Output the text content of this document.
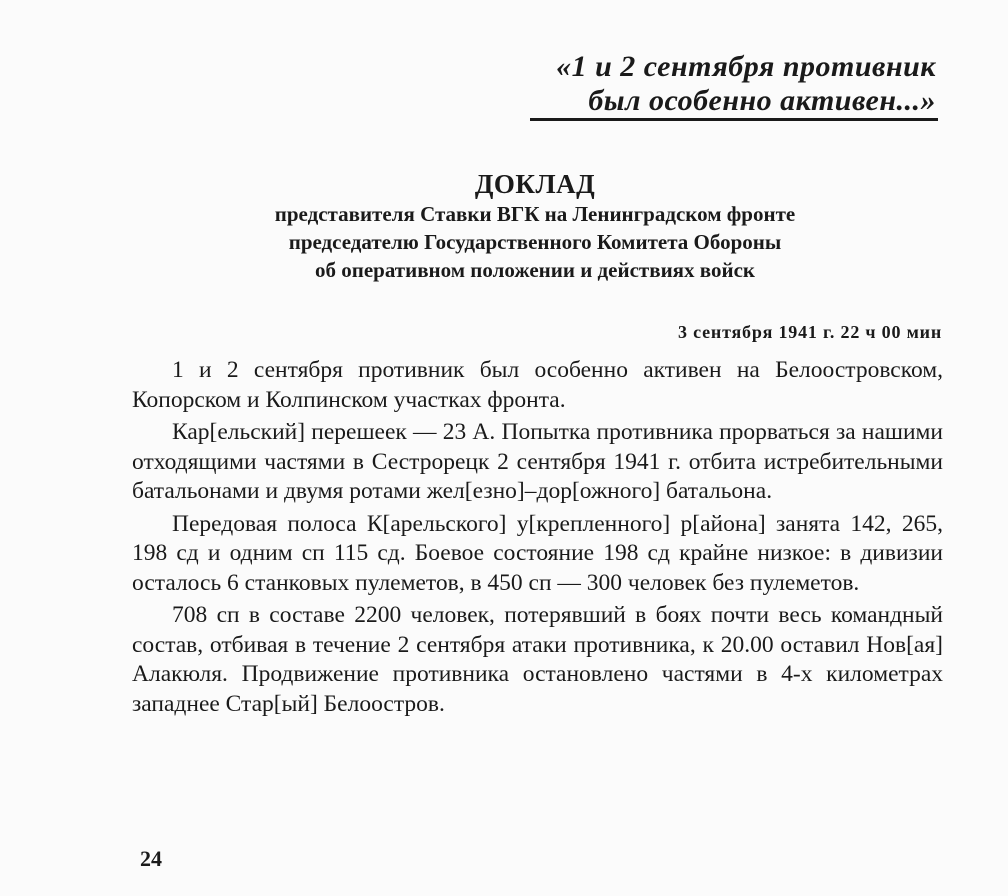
«1 и 2 сентября противник
был особенно активен...»
ДОКЛАД
представителя Ставки ВГК на Ленинградском фронте
председателю Государственного Комитета Обороны
об оперативном положении и действиях войск
3 сентября 1941 г. 22 ч 00 мин

1 и 2 сентября противник был особенно активен на Белоостровском, Копорском и Колпинском участках фронта.

Кар[ельский] перешеек — 23 А. Попытка противника прорваться за нашими отходящими частями в Сестрорецк 2 сентября 1941 г. отбита истребительными батальонами и двумя ротами жел[езно]–дор[ожного] батальона.

Передовая полоса К[арельского] у[крепленного] р[айона] занята 142, 265, 198 сд и одним сп 115 сд. Боевое состояние 198 сд крайне низкое: в дивизии осталось 6 станковых пулеметов, в 450 сп — 300 человек без пулеметов.

708 сп в составе 2200 человек, потерявший в боях почти весь командный состав, отбивая в течение 2 сентября атаки противника, к 20.00 оставил Нов[ая] Алакюля. Продвижение противника остановлено частями в 4-х километрах западнее Стар[ый] Белоостров.

24
